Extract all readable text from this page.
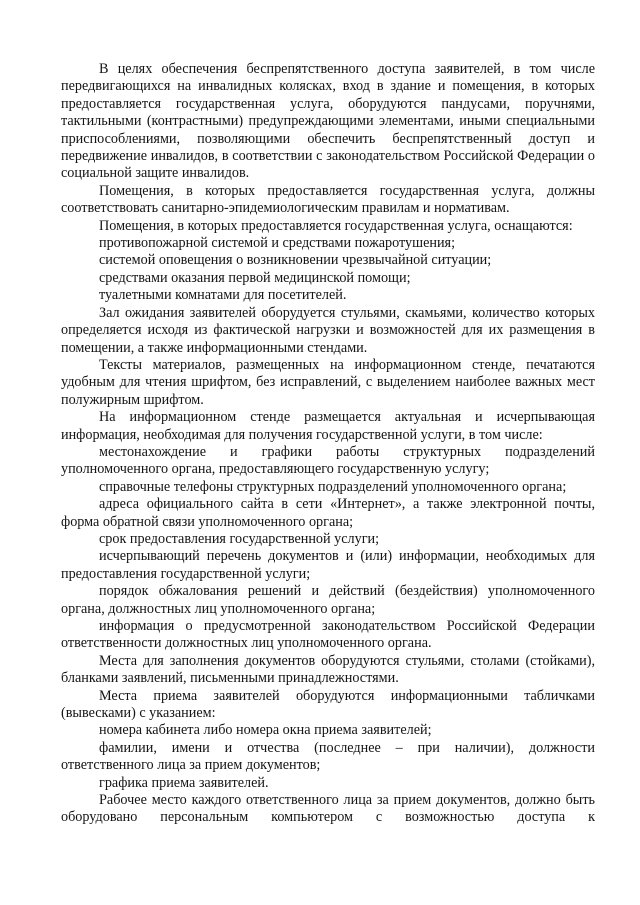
В целях обеспечения беспрепятственного доступа заявителей, в том числе передвигающихся на инвалидных колясках, вход в здание и помещения, в которых предоставляется государственная услуга, оборудуются пандусами, поручнями, тактильными (контрастными) предупреждающими элементами, иными специальными приспособлениями, позволяющими обеспечить беспрепятственный доступ и передвижение инвалидов, в соответствии с законодательством Российской Федерации о социальной защите инвалидов.

Помещения, в которых предоставляется государственная услуга, должны соответствовать санитарно-эпидемиологическим правилам и нормативам.

Помещения, в которых предоставляется государственная услуга, оснащаются:

противопожарной системой и средствами пожаротушения;

системой оповещения о возникновении чрезвычайной ситуации;

средствами оказания первой медицинской помощи;

туалетными комнатами для посетителей.

Зал ожидания заявителей оборудуется стульями, скамьями, количество которых определяется исходя из фактической нагрузки и возможностей для их размещения в помещении, а также информационными стендами.

Тексты материалов, размещенных на информационном стенде, печатаются удобным для чтения шрифтом, без исправлений, с выделением наиболее важных мест полужирным шрифтом.

На информационном стенде размещается актуальная и исчерпывающая информация, необходимая для получения государственной услуги, в том числе:

местонахождение и графики работы структурных подразделений уполномоченного органа, предоставляющего государственную услугу;

справочные телефоны структурных подразделений уполномоченного органа;

адреса официального сайта в сети «Интернет», а также электронной почты, форма обратной связи уполномоченного органа;

срок предоставления государственной услуги;

исчерпывающий перечень документов и (или) информации, необходимых для предоставления государственной услуги;

порядок обжалования решений и действий (бездействия) уполномоченного органа, должностных лиц уполномоченного органа;

информация о предусмотренной законодательством Российской Федерации ответственности должностных лиц уполномоченного органа.

Места для заполнения документов оборудуются стульями, столами (стойками), бланками заявлений, письменными принадлежностями.

Места приема заявителей оборудуются информационными табличками (вывесками) с указанием:

номера кабинета либо номера окна приема заявителей;

фамилии, имени и отчества (последнее – при наличии), должности ответственного лица за прием документов;

графика приема заявителей.

Рабочее место каждого ответственного лица за прием документов, должно быть оборудовано персональным компьютером с возможностью доступа к
